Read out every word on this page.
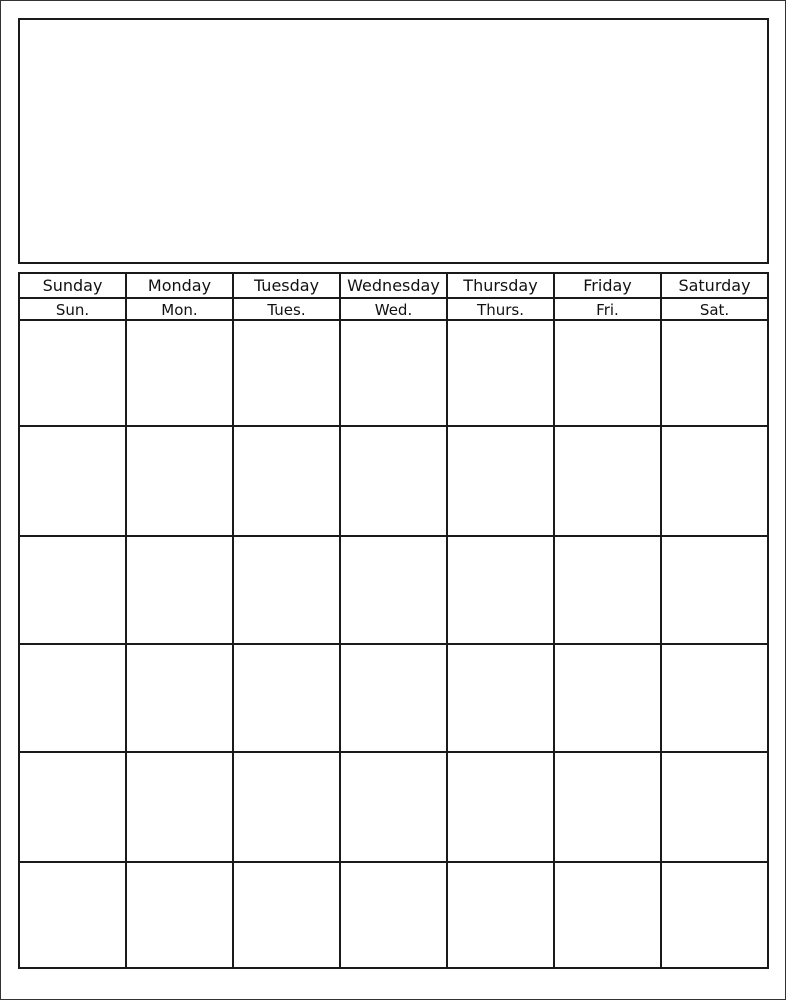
Sunday	Monday	Tuesday	Wednesday	Thursday	Friday	Saturday
Sun.	Mon.	Tues.	Wed.	Thurs.	Fri.	Sat.
